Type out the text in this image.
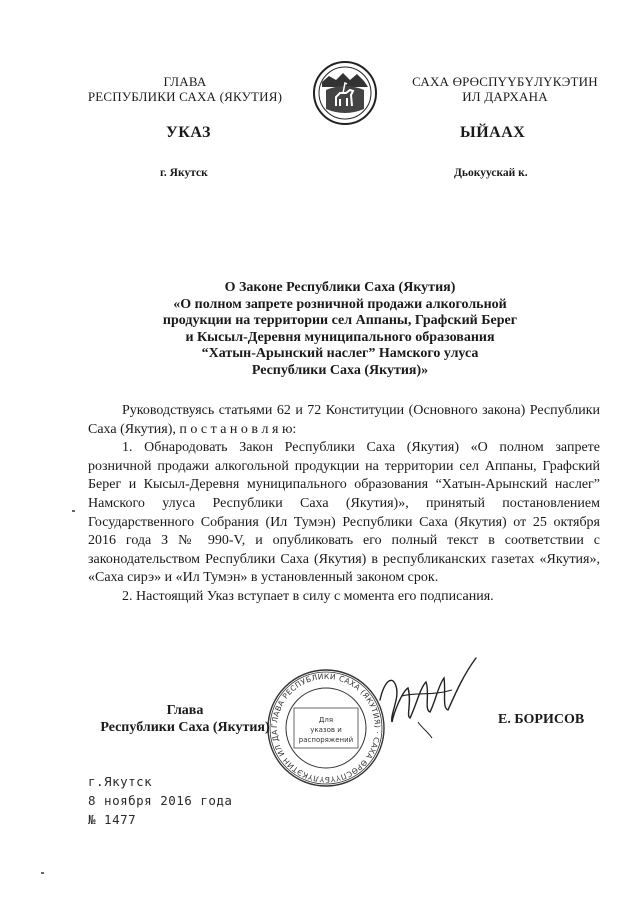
ГЛАВА
РЕСПУБЛИКИ САХА (ЯКУТИЯ)
САХА ӨРӨСПҮҮБҮЛҮКЭТИН
ИЛ ДАРХАНА
УКАЗ	ЫЙААХ
г. Якутск	Дьокуускай к.
О Законе Республики Саха (Якутия)
«О полном запрете розничной продажи алкогольной
продукции на территории сел Аппаны, Графский Берег
и Кысыл-Деревня муниципального образования
“Хатын-Арынский наслег” Намского улуса
Республики Саха (Якутия)»

Руководствуясь статьями 62 и 72 Конституции (Основного закона) Республики Саха (Якутия), п о с т а н о в л я ю:

1. Обнародовать Закон Республики Саха (Якутия) «О полном запрете розничной продажи алкогольной продукции на территории сел Аппаны, Графский Берег и Кысыл-Деревня муниципального образования “Хатын-Арынский наслег” Намского улуса Республики Саха (Якутия)», принятый постановлением Государственного Собрания (Ил Тумэн) Республики Саха (Якутия) от 25 октября 2016 года З № 990-V, и опубликовать его полный текст в соответствии с законодательством Республики Саха (Якутия) в республиканских газетах «Якутия», «Саха сирэ» и «Ил Тумэн» в установленный законом срок.

2. Настоящий Указ вступает в силу с момента его подписания.

ГЛАВА РЕСПУБЛИКИ САХА (ЯКУТИЯ) · САХА ӨРӨСПҮҮБҮЛҮКЭТИН ИЛ ДА
Для
указов и
распоряжений
Глава
Республики Саха (Якутия)
Е. БОРИСОВ
г.Якутск
8 ноября 2016 года
№ 1477
